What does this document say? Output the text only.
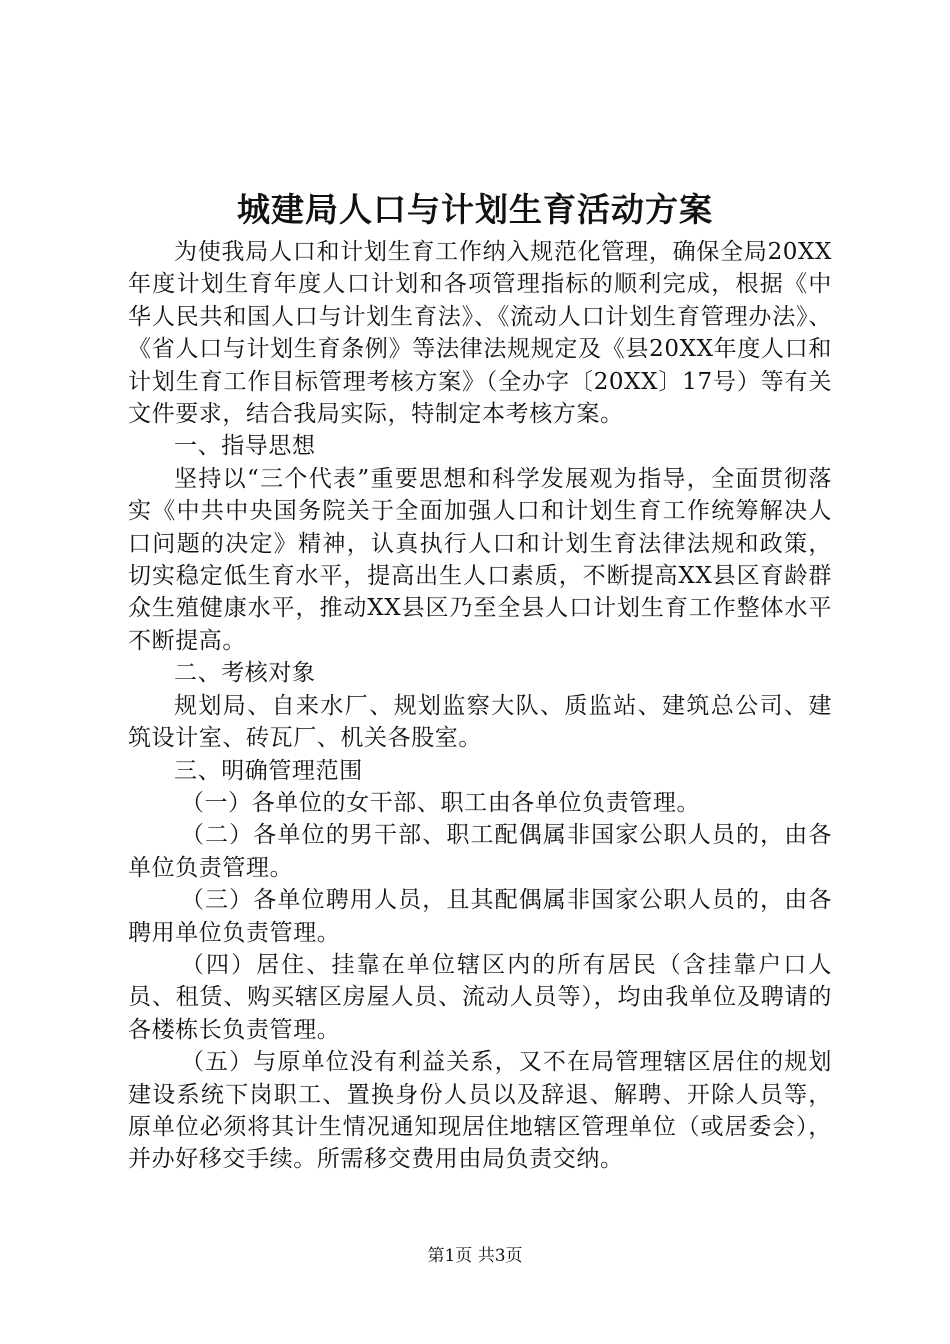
城建局人口与计划生育活动方案

为使我局人口和计划生育工作纳入规范化管理，确保全局20XX年度计划生育年度人口计划和各项管理指标的顺利完成，根据《中华人民共和国人口与计划生育法》、《流动人口计划生育管理办法》、《省人口与计划生育条例》等法律法规规定及《县20XX年度人口和计划生育工作目标管理考核方案》（全办字〔20XX〕17号）等有关文件要求，结合我局实际，特制定本考核方案。

一、指导思想

坚持以“三个代表”重要思想和科学发展观为指导，全面贯彻落实《中共中央国务院关于全面加强人口和计划生育工作统筹解决人口问题的决定》精神，认真执行人口和计划生育法律法规和政策，切实稳定低生育水平，提高出生人口素质，不断提高XX县区育龄群众生殖健康水平，推动XX县区乃至全县人口计划生育工作整体水平不断提高。

二、考核对象

规划局、自来水厂、规划监察大队、质监站、建筑总公司、建筑设计室、砖瓦厂、机关各股室。

三、明确管理范围

（一）各单位的女干部、职工由各单位负责管理。

（二）各单位的男干部、职工配偶属非国家公职人员的，由各单位负责管理。

（三）各单位聘用人员，且其配偶属非国家公职人员的，由各聘用单位负责管理。

（四）居住、挂靠在单位辖区内的所有居民（含挂靠户口人员、租赁、购买辖区房屋人员、流动人员等），均由我单位及聘请的各楼栋长负责管理。

（五）与原单位没有利益关系，又不在局管理辖区居住的规划建设系统下岗职工、置换身份人员以及辞退、解聘、开除人员等，原单位必须将其计生情况通知现居住地辖区管理单位（或居委会），并办好移交手续。所需移交费用由局负责交纳。

第1页 共3页
